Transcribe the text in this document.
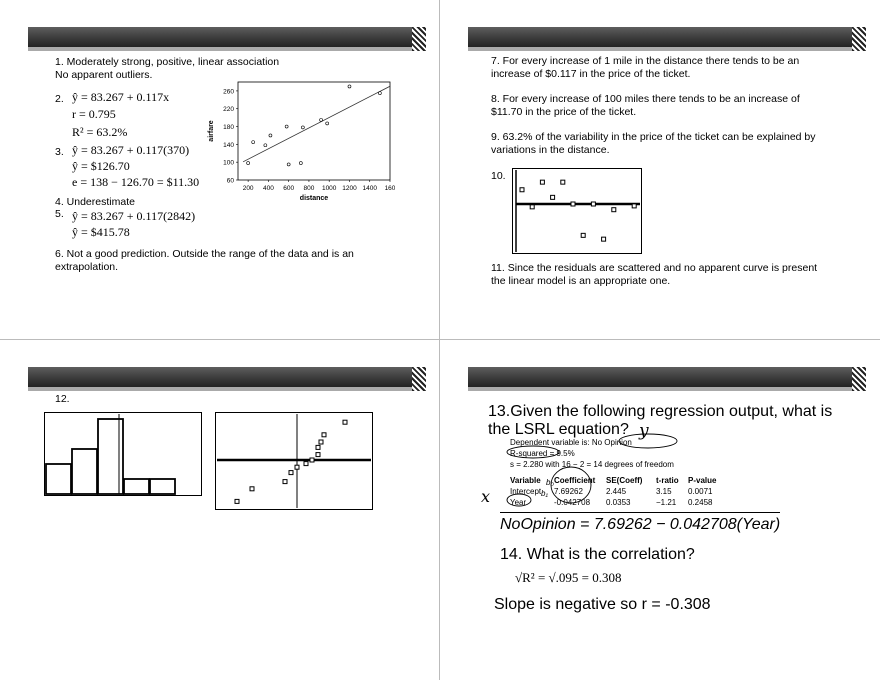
1. Moderately strong, positive, linear association
No apparent outliers.
2. ŷ = 83.267 + 0.117x
r = 0.795
R² = 63.2%
3. ŷ = 83.267 + 0.117(370)
ŷ = $126.70
e = 138 − 126.70 = $11.30
4. Underestimate
5. ŷ = 83.267 + 0.117(2842)
ŷ = $415.78
6. Not a good prediction. Outside the range of the data and is an
extrapolation.
60
100
140
180
220
260
200 400 600 800 1000 1200 1400 160
distance
airfare
7. For every increase of 1 mile in the distance there tends to be an
increase of $0.117 in the price of the ticket.
8. For every increase of 100 miles there tends to be an increase of
$11.70 in the price of the ticket.
9. 63.2% of the variability in the price of the ticket can be explained by
variations in the distance.
10.
11. Since the residuals are scattered and no apparent curve is present
the linear model is an appropriate one.
12.
13.Given the following regression output, what is
the LSRL equation?
Dependent variable is: No Opinion
R-squared = 9.5%
s = 2.280 with 16 − 2 = 14 degrees of freedom
Variable Coefficient SE(Coeff) t-ratio P-value
Intercept 7.69262	2.445	3.15 0.0071
Year	-0.042708 0.0353	−1.21 0.2458
y
x
b₀
b₁
NoOpinion = 7.69262 − 0.042708(Year)
14. What is the correlation?
√R² = √.095 = 0.308
Slope is negative so r = -0.308
